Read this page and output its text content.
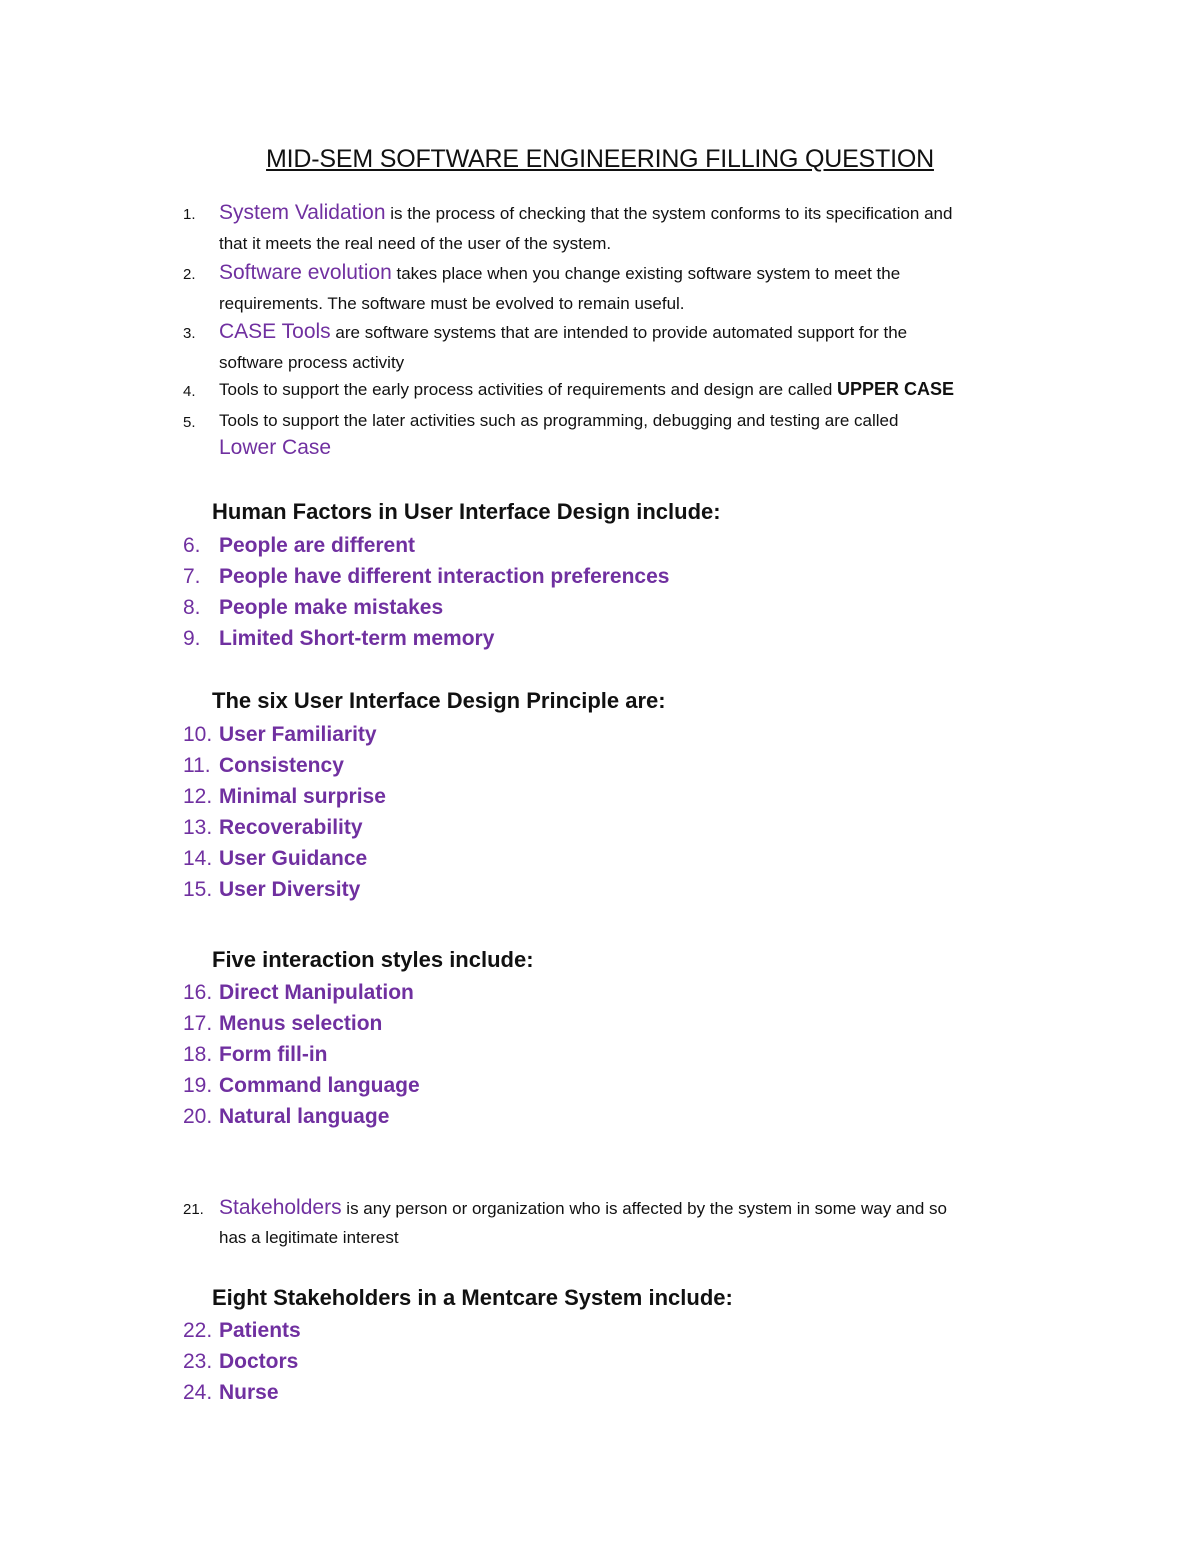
MID-SEM SOFTWARE ENGINEERING FILLING QUESTION
1.	System Validation is the process of checking that the system conforms to its specification and
that it meets the real need of the user of the system.
2.	Software evolution takes place when you change existing software system to meet the
requirements. The software must be evolved to remain useful.
3.	CASE Tools are software systems that are intended to provide automated support for the
software process activity
4.	Tools to support the early process activities of requirements and design are called UPPER CASE
5.	Tools to support the later activities such as programming, debugging and testing are called
Lower Case
Human Factors in User Interface Design include:
6. People are different
7. People have different interaction preferences
8. People make mistakes
9. Limited Short-term memory
The six User Interface Design Principle are:
10. User Familiarity
11. Consistency
12. Minimal surprise
13. Recoverability
14. User Guidance
15. User Diversity
Five interaction styles include:
16. Direct Manipulation
17. Menus selection
18. Form fill-in
19. Command language
20. Natural language
21. Stakeholders is any person or organization who is affected by the system in some way and so
has a legitimate interest
Eight Stakeholders in a Mentcare System include:
22. Patients
23. Doctors
24. Nurse
